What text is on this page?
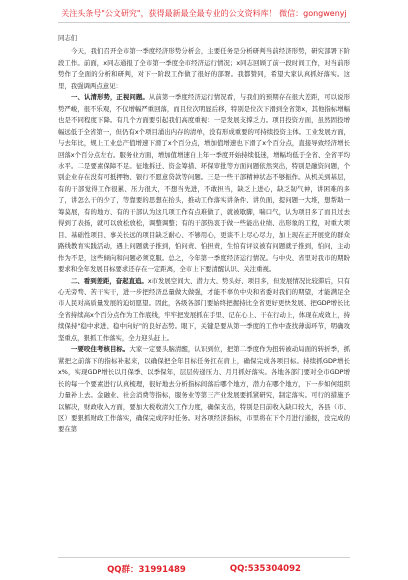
关注头条号"公文研究"，获得最新最全最专业的公文资料库！ 微信：gongwenyj

同志们

今天，我们召开全市第一季度经济形势分析会，主要任务是分析研判当前经济形势，研究部署下阶段工作。前面，x同志通报了全市第一季度全市经济运行情况；x同志回顾了前一段时间工作，对当前形势作了全面的分析和研判，对下一阶段工作做了很好的部署。我都赞同，希望大家认真抓好落实。这里，我强调两点意见：

一、认清形势，正视问题。从前第一季度经济运行情况看，与我们的预期存在很大差距，可以说形势严峻，很不乐观，不仅增幅严重回落，而且位次明显后移，特别是位次下滑到全省第x，其他指标增幅也是不同程度下降。有几个方面要引起我们高度重视：一是发展支撑乏力。项目投资方面，虽然固投增幅远低于全省第一，但仍有x个项目涌出内存的清单，没有形成重要的可持续投资主体。工业发展方面，与去年比，规上工业总产值增速下滑了x个百分点，增加值增速也下滑了x个百分点，直接导致经济增长回落x个百分点左右。服务业方面，增加值增速自上年一季度开始持续低迷，增幅均低于全省、全省平均水平。二是要素保障不足。征地拆迁、资金筹措、环保审批等方面问题依然突出，特别是融资问题，个别企业存在没有可抵押物、银行不愿意贷款等问题。三是一些干部精神状态不够振作。从机关到基层，有的干部觉得工作很累、压力很大，不想当先进，不敢担当，缺乏上进心，缺乏韧气神，讲困难的多了，讲怎么干的少了，等靠要的思想在抬头，推动工作落实讲条件、讲负面，提问题一大堆，想帮助一筹莫展，有的地方、有的干部认为这几项工作有点难做了，就被歇脚，喘口气，认为项目多了而且过去得到了表扬，就可以放松放松，调整调整；有的干部热衷于做一些能出业绩、出形象的工程，对重大项目、基础性项目、事关长远的项目缺乏耐心、不够用心，更谈不上尽心尽力，加上现在正开展党的群众路线教育实践活动，遇上问题就子推到，怕问责、怕担责，生怕有评议被有问题就子推到，怕问，主动作为不是，这些倾向和问题必须克服。总之，今年第一季度经济运行情况。与中央、省里对我市的期盼要求和全年发展目标要求还存在一定距离，全市上下要清醒认识、关注重视。

二、看到差距，奋起直追。x市发展空间大、潜力大、势头好、项目多，但发展情况比较滞后，只有心无旁骛、苦干实干，进一步把经济总量做大做强，才能不辜负中央和省委对我们的期望，才能满足全市人民对高质量发展的迫切愿望。因此，各级各部门要始终把握持比全省更好更快发展、把GDP增长比全省持续高x个百分点作为工作底线，牢牢把发展抓在手里、记在心上、干在行动上，体现在成效上，持续保持"稳中求进、稳中向好"的良好态势。眼下，关键是要从第一季度的工作中查找薄弱环节，明确攻坚重点，狠抓工作落实，全力迎头赶上。

一要咬住考核目标。大家一定要头脑清醒，认识到位，把第二季度作为扭转被动局面的转折季，抓紧把之前落下的指标补起来，以确保把全年目标任务扛在肩上，确保完成各项目标。持续抓GDP增长x%，实现GDP增长以月保季、以季保年，层层传递压力、月月抓好落实。各地各部门要对全市GDP增长的每一个要素进行认真梳理，很好地去分析指标间落后哪个地方，潜力在哪个地方，下一步如何组织力量补上去。金融业、社会消费等指标，服务业等第三产业发展要抓紧研究，制定落实。可行的措施予以解决，财政收入方面，要加大税收清欠工作力度，确保支出，特别是目前收入缺口较大，各县（市、区）要狠抓财政工作落实，确保完成序时任务。对各项经济指标，市里将在下个月进行通报，没完成的要在第

QQ群：31991489	QQ:535304092
